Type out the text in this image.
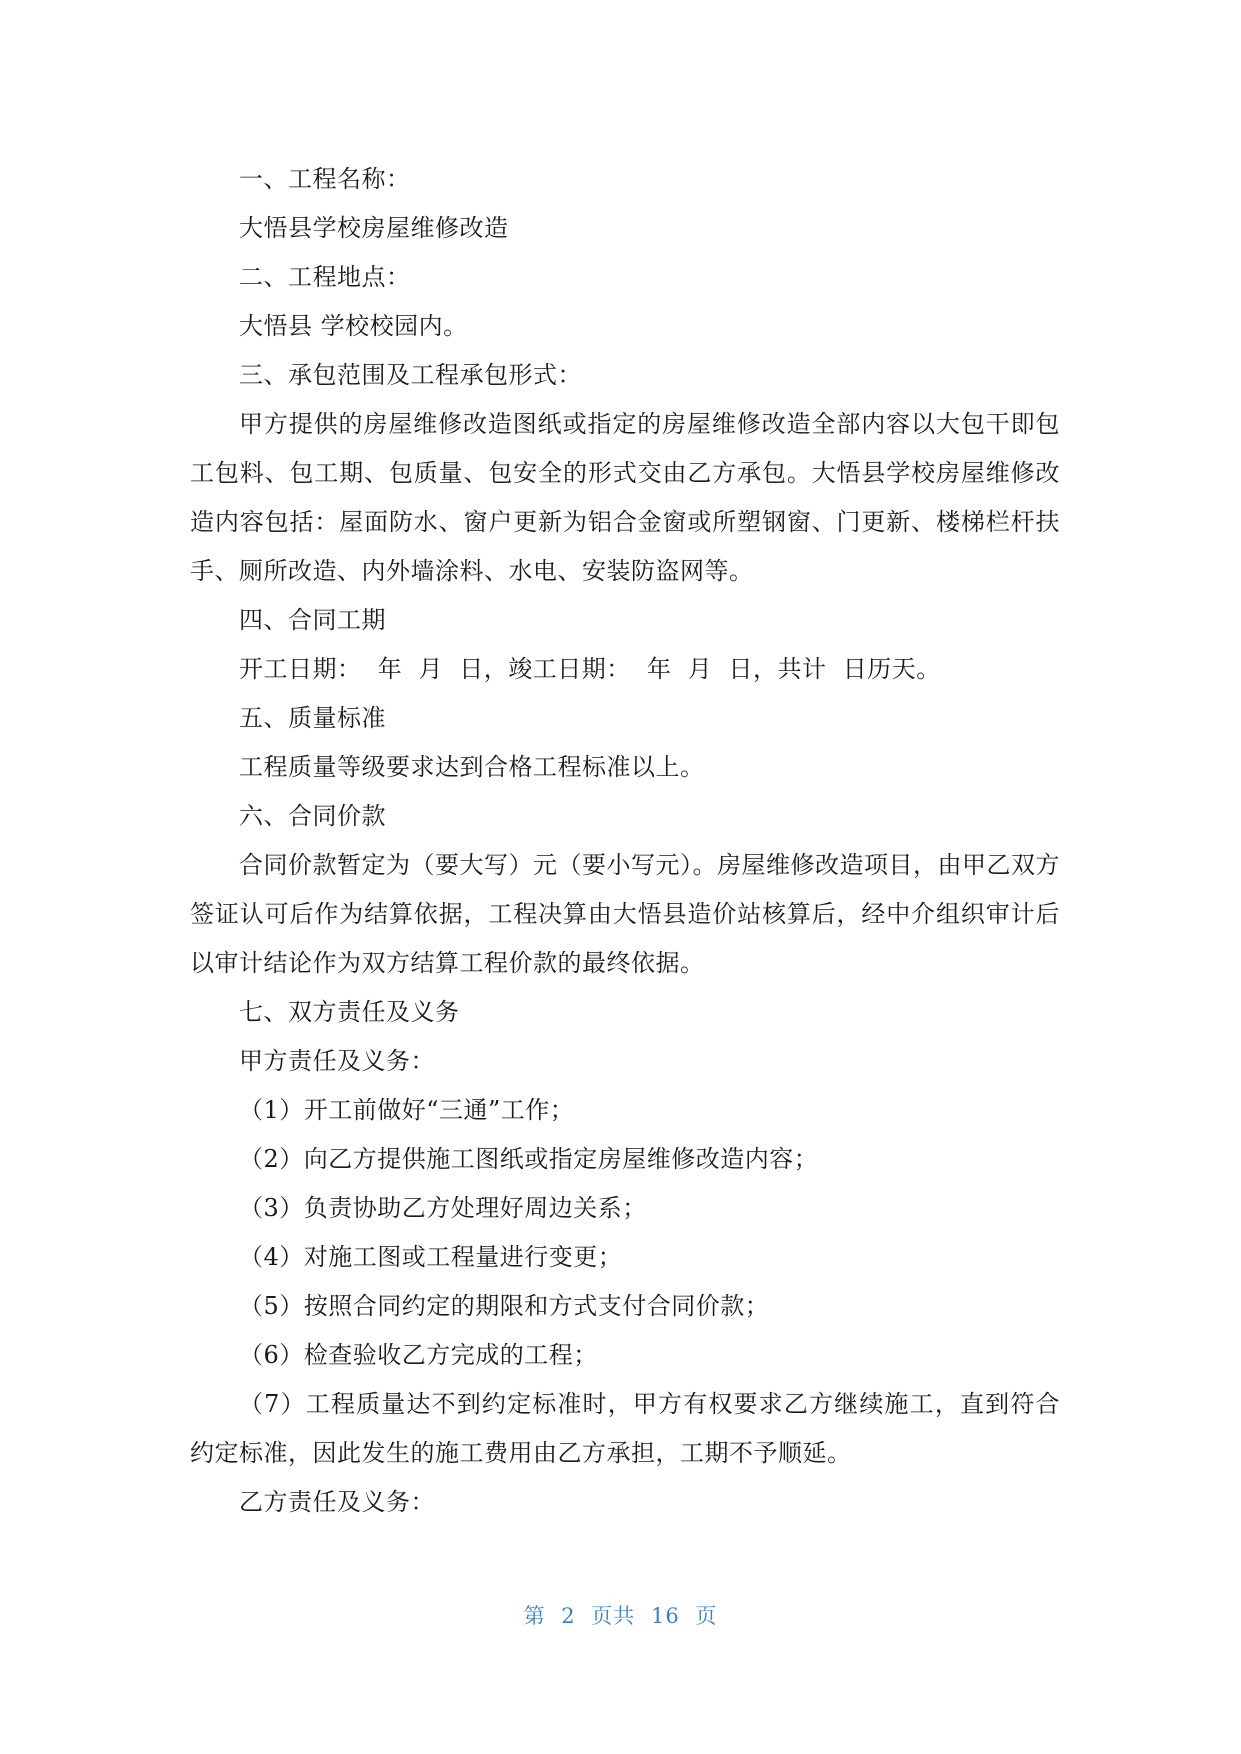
一、工程名称：

大悟县学校房屋维修改造

二、工程地点：

大悟县 学校校园内。

三、承包范围及工程承包形式：

甲方提供的房屋维修改造图纸或指定的房屋维修改造全部内容以大包干即包工包料、包工期、包质量、包安全的形式交由乙方承包。大悟县学校房屋维修改造内容包括：屋面防水、窗户更新为铝合金窗或所塑钢窗、门更新、楼梯栏杆扶手、厕所改造、内外墙涂料、水电、安装防盗网等。

四、合同工期

开工日期：  年  月  日，竣工日期：  年  月  日，共计  日历天。

五、质量标准

工程质量等级要求达到合格工程标准以上。

六、合同价款

合同价款暂定为（要大写）元（要小写元）。房屋维修改造项目，由甲乙双方签证认可后作为结算依据，工程决算由大悟县造价站核算后，经中介组织审计后以审计结论作为双方结算工程价款的最终依据。

七、双方责任及义务

甲方责任及义务：

（1）开工前做好“三通”工作；

（2）向乙方提供施工图纸或指定房屋维修改造内容；

（3）负责协助乙方处理好周边关系；

（4）对施工图或工程量进行变更；

（5）按照合同约定的期限和方式支付合同价款；

（6）检查验收乙方完成的工程；

（7）工程质量达不到约定标准时，甲方有权要求乙方继续施工，直到符合约定标准，因此发生的施工费用由乙方承担，工期不予顺延。

乙方责任及义务：

第 2 页共 16 页
